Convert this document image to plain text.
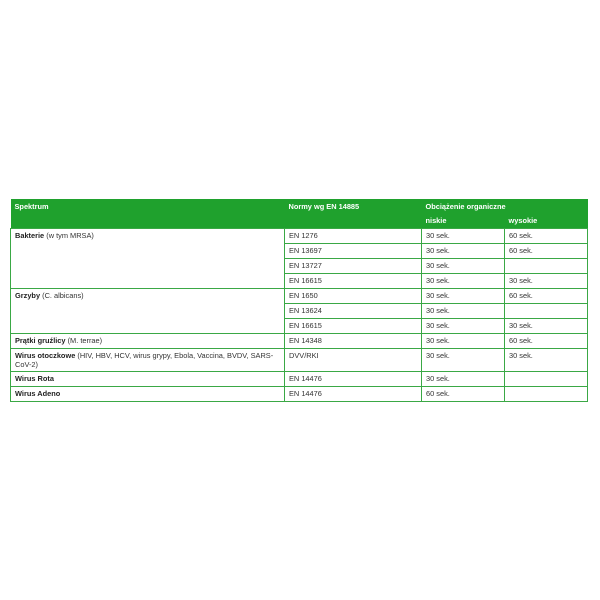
Spektrum	Normy wg EN 14885	Obciążenie organiczne	
		niskie	wysokie
Bakterie (w tym MRSA)	EN 1276	30 sek.	60 sek.
	EN 13697	30 sek.	60 sek.
	EN 13727	30 sek.	
	EN 16615	30 sek.	30 sek.
Grzyby (C. albicans)	EN 1650	30 sek.	60 sek.
	EN 13624	30 sek.	
	EN 16615	30 sek.	30 sek.
Prątki gruźlicy (M. terrae)	EN 14348	30 sek.	60 sek.
Wirus otoczkowe (HIV, HBV, HCV, wirus grypy, Ebola, Vaccina, BVDV, SARS-CoV-2)	DVV/RKI	30 sek.	30 sek.
Wirus Rota	EN 14476	30 sek.	
Wirus Adeno	EN 14476	60 sek.	
